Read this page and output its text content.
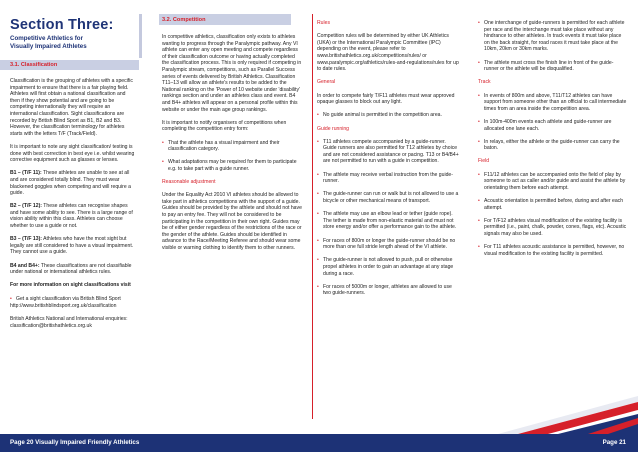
Section Three:
Competitive Athletics for
Visually Impaired Athletes
3.1. Classification
3.2. Competition

Classification is the grouping of athletes with a specific impairment to ensure that there is a fair playing field. Athletes will first obtain a national classification and then if they show potential and are going to be competing internationally they will require an international classification. Sight classifications are recorded by British Blind Sport as B1, B2 and B3. However, the classification terminology for athletes starts with the letters T/F (Track/Field).

It is important to note any sight classification/ testing is done with best correction in best eye i.e. whilst wearing corrective equipment such as glasses or lenses.

B1 – (T/F 11): These athletes are unable to see at all and are considered totally blind. They must wear blackened goggles when competing and will require a guide.

B2 – (T/F 12): These athletes can recognise shapes and have some ability to see. There is a large range of vision ability within this class. Athletes can choose whether to use a guide or not.

B3 – (T/F 13): Athletes who have the most sight but legally are still considered to have a visual impairment. They cannot use a guide.

B4 and B4+: These classifications are not classifiable under national or international athletics rules.

For more information on sight classifications visit

• Get a sight classification via British Blind Sport

http://www.britishblindsport.org.uk/classification

British Athletics National and International enquiries: classification@britishathletics.org.uk

In competitive athletics, classification only exists to athletes wanting to progress through the Paralympic pathway. Any VI athlete can enter any open meeting and compete regardless of their classification outcome or having actually completed the classification process. This is only required if competing in Paralympic stream, competitions, such as Parallel Success series of events delivered by British Athletics. Classification T11–13 will allow an athlete's results to be added to the National ranking on the 'Power of 10 website under 'disability' rankings section and under an athletes class and event. B4 and B4+ athletes will appear on a personal profile within this website or under the main age group rankings.

It is important to notify organisers of competitions when completing the competition entry form:

• That the athlete has a visual impairment and their classification category.
• What adaptations may be required for them to participate e.g. to take part with a guide runner.

Reasonable adjustment

Under the Equality Act 2010 VI athletes should be allowed to take part in athletics competitions with the support of a guide. Guides should be provided by the athlete and should not have to pay an entry fee. They will not be considered to be participating in the competition in their own right. Guides may be of either gender regardless of the restrictions of the race or the gender of the athlete. Guides should be identified in advance to the Race/Meeting Referee and should wear some visible or warning clothing to identify them to other runners.

Rules

Competition rules will be determined by either UK Athletics (UKA) or the International Paralympic Committee (IPC) depending on the event, please refer to www.britishathletics.org.uk/competitions/rules/ or www.paralympic.org/athletics/rules-and-regulations/rules for up to date rules.

General

In order to compete fairly T/F11 athletes must wear approved opaque glasses to block out any light.

• No guide animal is permitted in the competition area.

Guide running

• T11 athletes compete accompanied by a guide-runner. Guide runners are also permitted for T12 athletes by choice and are not considered assistance or pacing. T13 or B4/B4+ are not permitted to run with a guide in competition.
• The athlete may receive verbal instruction from the guide-runner.
• The guide-runner can run or walk but is not allowed to use a bicycle or other mechanical means of transport.
• The athlete may use an elbow lead or tether (guide rope). The tether is made from non-elastic material and must not store energy and/or offer a performance gain to the athlete.
• For races of 800m or longer the guide-runner should be no more than one full stride length ahead of the VI athlete.
• The guide-runner is not allowed to push, pull or otherwise propel athletes in order to gain an advantage at any stage during a race.
• For races of 5000m or longer, athletes are allowed to use two guide-runners.
• One interchange of guide-runners is permitted for each athlete per race and the interchange must take place without any hindrance to other athletes. In track events it must take place on the back straight, for road races it must take place at the 10km, 20km or 30km marks.
• The athlete must cross the finish line in front of the guide-runner or the athlete will be disqualified.

Track

• In events of 800m and above, T11/T12 athletes can have support from someone other than an official to call intermediate times from an area inside the competition area.
• In 100m-400m events each athlete and guide-runner are allocated one lane each.
• In relays, either the athlete or the guide-runner can carry the baton.

Field

• F11/12 athletes can be accompanied onto the field of play by someone to act as caller and/or guide and assist the athlete by orientating them before each attempt.
• Acoustic orientation is permitted before, during and after each attempt.
• For T/F12 athletes visual modification of the existing facility is permitted (i.e., paint, chalk, powder, cones, flags, etc). Acoustic signals may also be used.
• For T11 athletes acoustic assistance is permitted, however, no visual modification to the existing facility is permitted.
Page 20 Visually Impaired Friendly Athletics	Page 21
